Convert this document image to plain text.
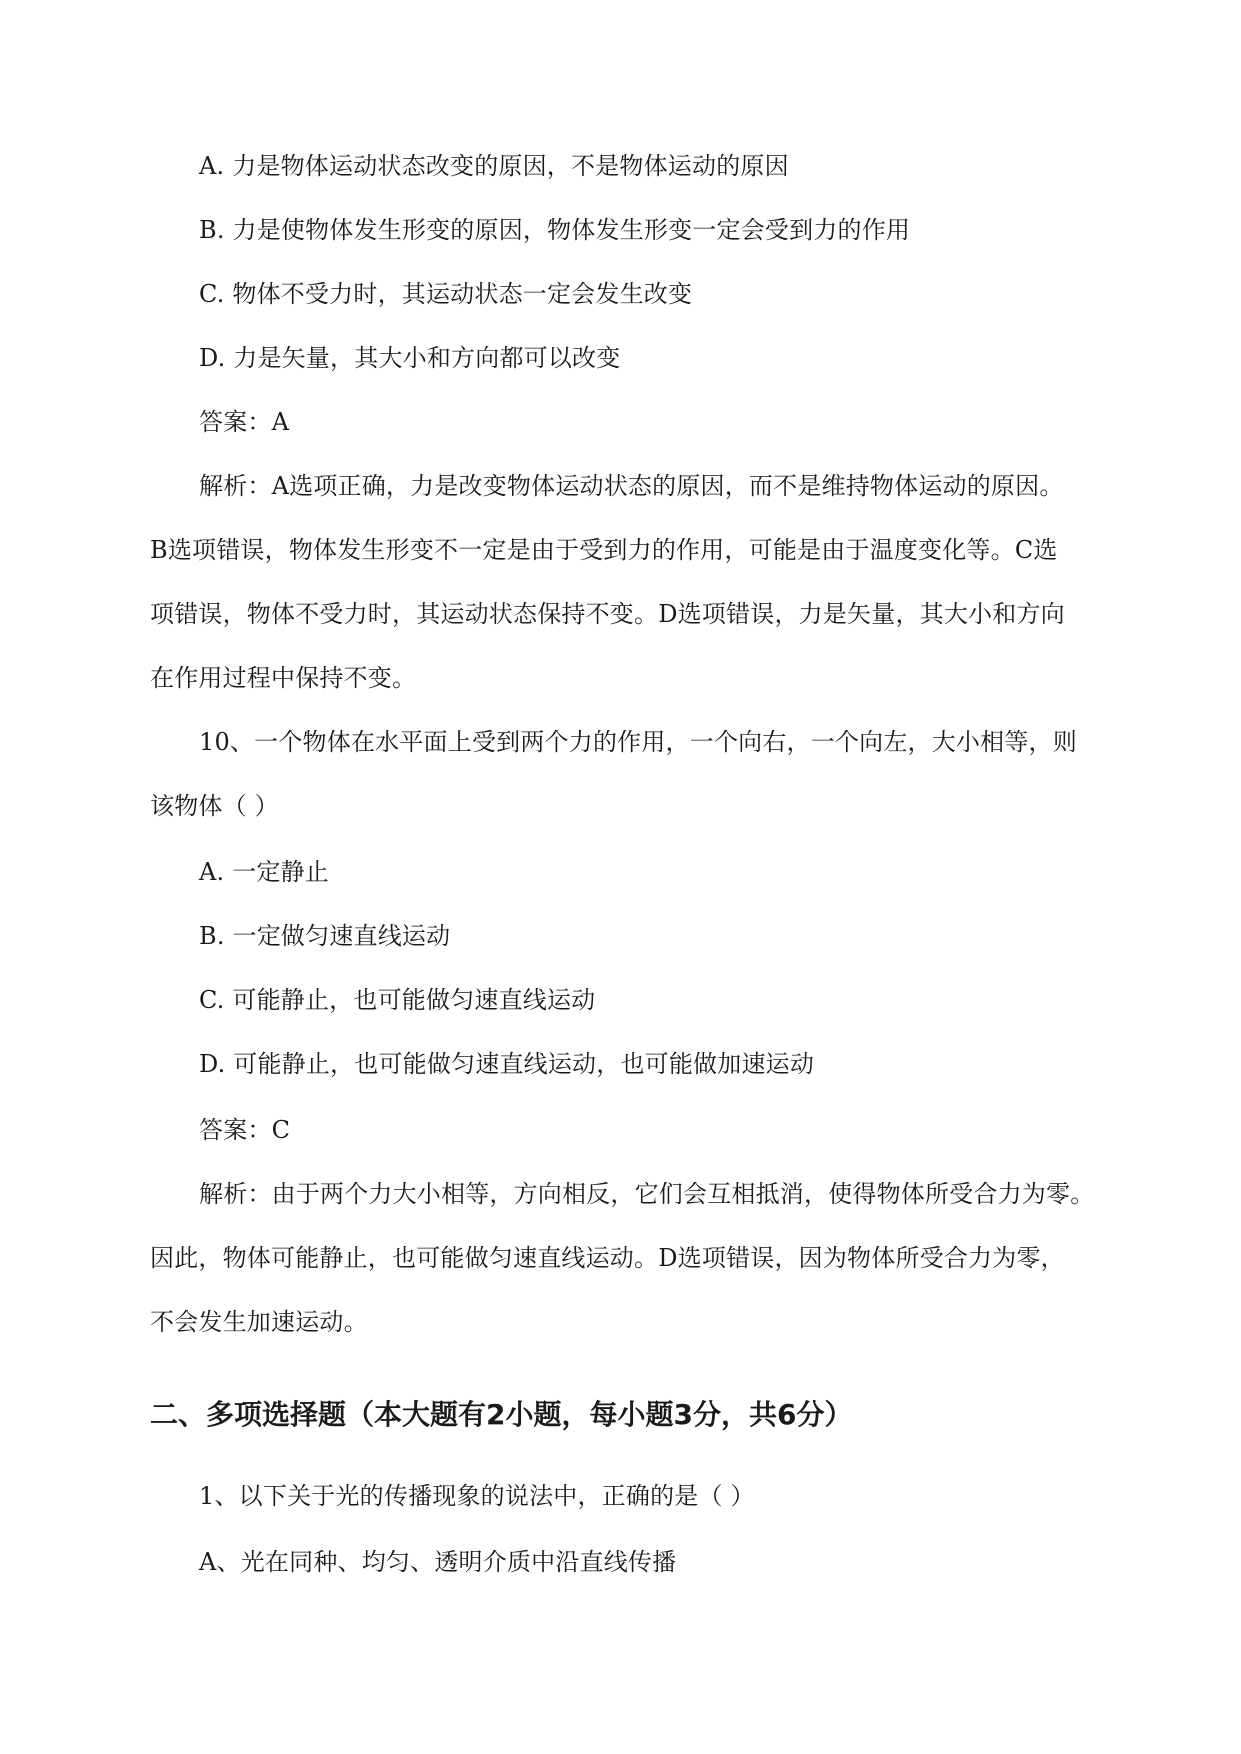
A. 力是物体运动状态改变的原因，不是物体运动的原因
B. 力是使物体发生形变的原因，物体发生形变一定会受到力的作用
C. 物体不受力时，其运动状态一定会发生改变
D. 力是矢量，其大小和方向都可以改变
答案：A
解析：A选项正确，力是改变物体运动状态的原因，而不是维持物体运动的原因。
B选项错误，物体发生形变不一定是由于受到力的作用，可能是由于温度变化等。C选
项错误，物体不受力时，其运动状态保持不变。D选项错误，力是矢量，其大小和方向
在作用过程中保持不变。
10、一个物体在水平面上受到两个力的作用，一个向右，一个向左，大小相等，则
该物体（ ）
A. 一定静止
B. 一定做匀速直线运动
C. 可能静止，也可能做匀速直线运动
D. 可能静止，也可能做匀速直线运动，也可能做加速运动
答案：C
解析：由于两个力大小相等，方向相反，它们会互相抵消，使得物体所受合力为零。
因此，物体可能静止，也可能做匀速直线运动。D选项错误，因为物体所受合力为零，
不会发生加速运动。
二、多项选择题（本大题有2小题，每小题3分，共6分）
1、以下关于光的传播现象的说法中，正确的是（ ）
A、光在同种、均匀、透明介质中沿直线传播
